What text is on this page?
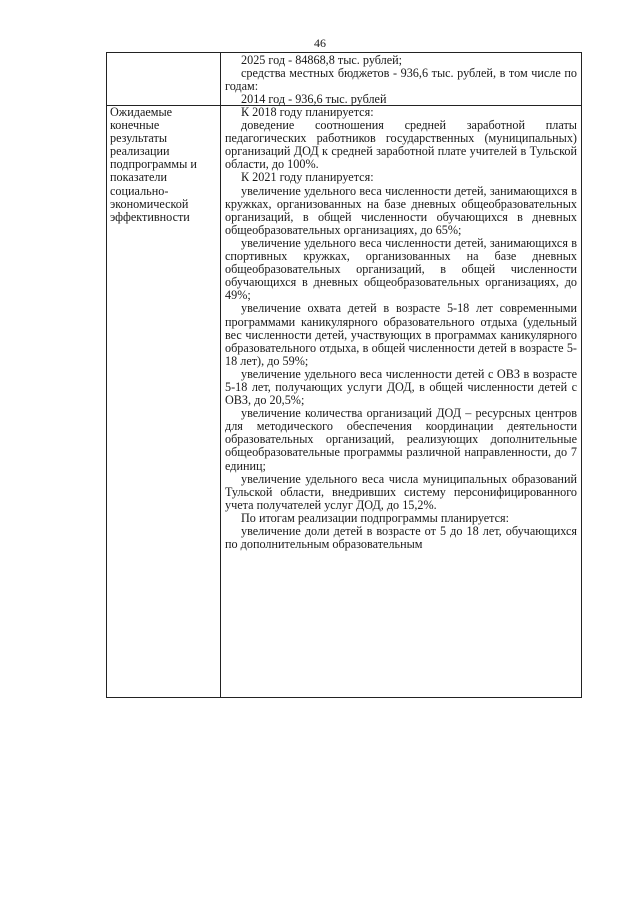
46

2025 год - 84868,8 тыс. рублей;

средства местных бюджетов - 936,6 тыс. рублей, в том числе по годам:

2014 год - 936,6 тыс. рублей

Ожидаемые конечные результаты реализации подпрограммы и показатели социально-экономической эффективности

К 2018 году планируется:

доведение соотношения средней заработной платы педагогических работников государственных (муниципальных) организаций ДОД к средней заработной плате учителей в Тульской области, до 100%.

К 2021 году планируется:

увеличение удельного веса численности детей, занимающихся в кружках, организованных на базе дневных общеобразовательных организаций, в общей численности обучающихся в дневных общеобразовательных организациях, до 65%;

увеличение удельного веса численности детей, занимающихся в спортивных кружках, организованных на базе дневных общеобразовательных организаций, в общей численности обучающихся в дневных общеобразовательных организациях, до 49%;

увеличение охвата детей в возрасте 5-18 лет современными программами каникулярного образовательного отдыха (удельный вес численности детей, участвующих в программах каникулярного образовательного отдыха, в общей численности детей в возрасте 5-18 лет), до 59%;

увеличение удельного веса численности детей с ОВЗ в возрасте 5-18 лет, получающих услуги ДОД, в общей численности детей с ОВЗ, до 20,5%;

увеличение количества организаций ДОД – ресурсных центров для методического обеспечения координации деятельности образовательных организаций, реализующих дополнительные общеобразовательные программы различной направленности, до 7 единиц;

увеличение удельного веса числа муниципальных образований Тульской области, внедривших систему персонифицированного учета получателей услуг ДОД, до 15,2%.

По итогам реализации подпрограммы планируется:

увеличение доли детей в возрасте от 5 до 18 лет, обучающихся по дополнительным образовательным
